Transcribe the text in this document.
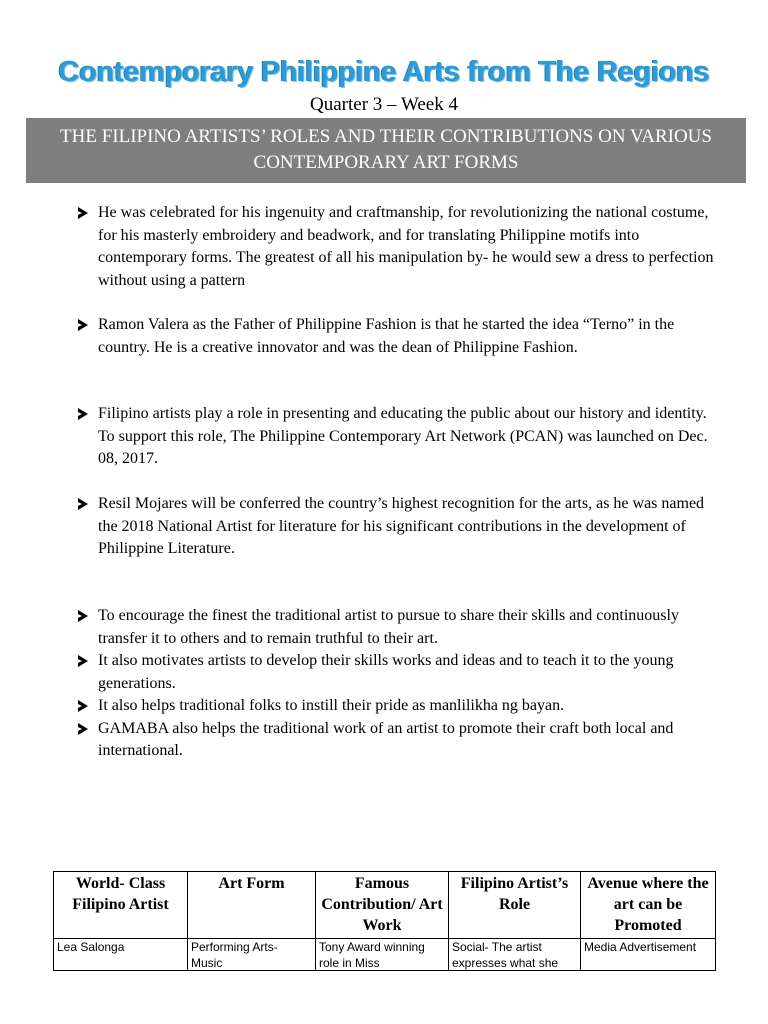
Contemporary Philippine Arts from The Regions
Quarter 3 – Week 4
THE FILIPINO ARTISTS’ ROLES AND THEIR CONTRIBUTIONS ON VARIOUS
CONTEMPORARY ART FORMS
He was celebrated for his ingenuity and craftmanship, for revolutionizing the national costume, for his masterly embroidery and beadwork, and for translating Philippine motifs into contemporary forms. The greatest of all his manipulation by- he would sew a dress to perfection without using a pattern
Ramon Valera as the Father of Philippine Fashion is that he started the idea “Terno” in the country. He is a creative innovator and was the dean of Philippine Fashion.
Filipino artists play a role in presenting and educating the public about our history and identity. To support this role, The Philippine Contemporary Art Network (PCAN) was launched on Dec. 08, 2017.
Resil Mojares will be conferred the country’s highest recognition for the arts, as he was named the 2018 National Artist for literature for his significant contributions in the development of Philippine Literature.
To encourage the finest the traditional artist to pursue to share their skills and continuously transfer it to others and to remain truthful to their art.
It also motivates artists to develop their skills works and ideas and to teach it to the young generations.
It also helps traditional folks to instill their pride as manlilikha ng bayan.
GAMABA also helps the traditional work of an artist to promote their craft both local and international.
World- Class Filipino Artist	Art Form	Famous Contribution/ Art Work	Filipino Artist’s Role	Avenue where the art can be Promoted

Lea Salonga	Performing Arts- Music	Tony Award winning role in Miss	Social- The artist expresses what she	Media Advertisement
